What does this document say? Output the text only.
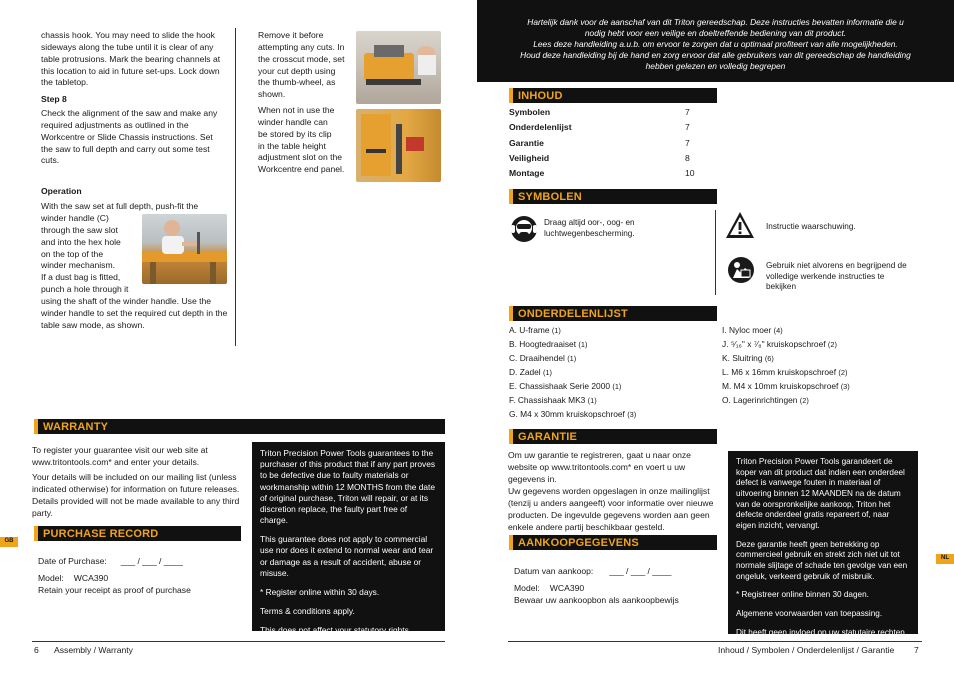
chassis hook. You may need to slide the hook sideways along the tube until it is clear of any table protrusions. Mark the bearing channels at this location to aid in future set-ups. Lock down the tabletop.
Step 8
Check the alignment of the saw and make any required adjustments as outlined in the Workcentre or Slide Chassis instructions. Set the saw to full depth and carry out some test cuts.
Operation
With the saw set at full depth, push-fit the
winder handle (C)
through the saw slot
and into the hex hole
on the top of the
winder mechanism.
If a dust bag is fitted,
punch a hole through it
using the shaft of the winder handle. Use the winder handle to set the required cut depth in the table saw mode, as shown.
Remove it before
attempting any cuts. In
the crosscut mode, set
your cut depth using
the thumb-wheel, as
shown.
When not in use the
winder handle can
be stored by its clip
in the table height
adjustment slot on the
Workcentre end panel.
WARRANTY
To register your guarantee visit our web site at www.tritontools.com* and enter your details.
Your details will be included on our mailing list (unless indicated otherwise) for information on future releases. Details provided will not be made available to any third party.
PURCHASE RECORD
Date of Purchase: ___ / ___ / ____
Model: WCA390
Retain your receipt as proof of purchase

Triton Precision Power Tools guarantees to the purchaser of this product that if any part proves to be defective due to faulty materials or workmanship within 12 MONTHS from the date of original purchase, Triton will repair, or at its discretion replace, the faulty part free of charge.

This guarantee does not apply to commercial use nor does it extend to normal wear and tear or damage as a result of accident, abuse or misuse.

* Register online within 30 days.

Terms & conditions apply.

This does not affect your statutory rights

GB
6 Assembly / Warranty
Hartelijk dank voor de aanschaf van dit Triton gereedschap. Deze instructies bevatten informatie die u
nodig hebt voor een veilige en doeltreffende bediening van dit product.
Lees deze handleiding a.u.b. om ervoor te zorgen dat u optimaal profiteert van alle mogelijkheden.
Houd deze handleiding bij de hand en zorg ervoor dat alle gebruikers van dit gereedschap de handleiding
hebben gelezen en volledig begrepen
INHOUD
Symbolen	7
Onderdelenlijst	7
Garantie	7
Veiligheid	8
Montage	10
SYMBOLEN
Draag altijd oor-, oog- en luchtwegenbescherming.
Instructie waarschuwing.
Gebruik niet alvorens en begrijpend de volledige werkende instructies te bekijken
ONDERDELENLIJST
A. U-frame (1)
B. Hoogtedraaiset (1)
C. Draaihendel (1)
D. Zadel (1)
E. Chassishaak Serie 2000 (1)
F. Chassishaak MK3 (1)
G. M4 x 30mm kruiskopschroef (3)
I. Nyloc moer (4)
J. ⁵⁄₁₆" x ⁷⁄₈" kruiskopschroef (2)
K. Sluitring (6)
L. M6 x 16mm kruiskopschroef (2)
M. M4 x 10mm kruiskopschroef (3)
O. Lagerinrichtingen (2)
GARANTIE
Om uw garantie te registreren, gaat u naar onze website op www.tritontools.com* en voert u uw gegevens in.
Uw gegevens worden opgeslagen in onze mailinglijst (tenzij u anders aangeeft) voor informatie over nieuwe producten. De ingevulde gegevens worden aan geen enkele andere partij beschikbaar gesteld.
AANKOOPGEGEVENS
Datum van aankoop: ___ / ___ / ____
Model: WCA390
Bewaar uw aankoopbon als aankoopbewijs

Triton Precision Power Tools garandeert de koper van dit product dat indien een onderdeel defect is vanwege fouten in materiaal of uitvoering binnen 12 MAANDEN na de datum van de oorspronkelijke aankoop, Triton het defecte onderdeel gratis repareert of, naar eigen inzicht, vervangt.

Deze garantie heeft geen betrekking op commercieel gebruik en strekt zich niet uit tot normale slijtage of schade ten gevolge van een ongeluk, verkeerd gebruik of misbruik.

* Registreer online binnen 30 dagen.

Algemene voorwaarden van toepassing.

Dit heeft geen invloed op uw statutaire rechten

NL
Inhoud / Symbolen / Onderdelenlijst / Garantie 7
